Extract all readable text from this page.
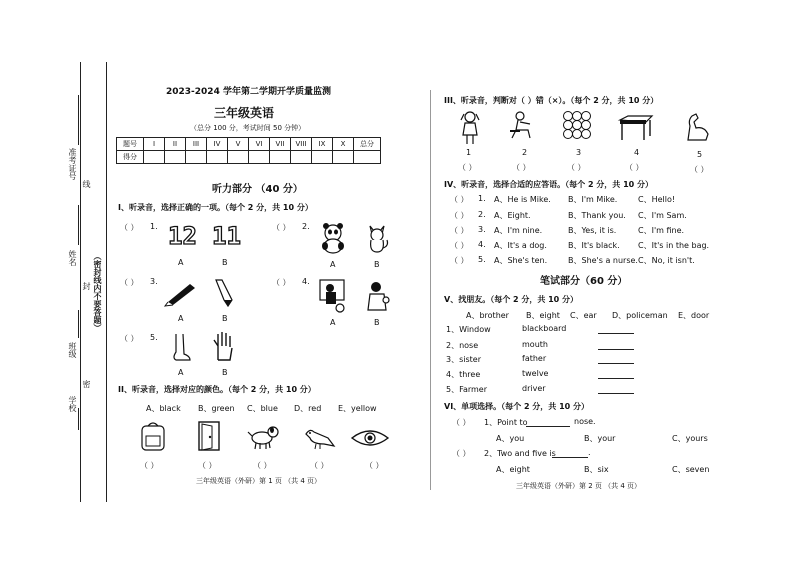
准考证号
姓名
班级
学校
线
封
密
（密封线内不要答题）
2023-2024 学年第二学期开学质量监测
三年级英语
（总分 100 分，考试时间 50 分钟）
题号	I	II	III	IV	V	VI	VII	VIII	IX	X	总分
得分											
听力部分 （40 分）
I、听录音，选择正确的一项。（每个 2 分，共 10 分）
（ ） 1. 12 11
A	B
（ ） 2.
A	B
（ ） 3.
A	B
（ ） 4.
A	B
（ ） 5.
A	B
II、听录音，选择对应的颜色。（每个 2 分，共 10 分）
A、black B、green C、blue D、red E、yellow
（ ）	（ ）	（ ）	（ ）	（ ）
三年级英语（外研）第 1 页 （共 4 页）
III、听录音，判断对（ ）错（×）。（每个 2 分，共 10 分）
1	2	3	4	5
（ ）	（ ）	（ ）	（ ）	（ ）
IV、听录音，选择合适的应答语。（每个 2 分，共 10 分）
（ ） 1. A、He is Mike. B、I'm Mike.	C、Hello!
（ ） 2. A、Eight.	B、Thank you. C、I'm Sam.
（ ） 3. A、I'm nine.	B、Yes, it is.	C、I'm fine.
（ ） 4. A、It's a dog.	B、It's black. C、It's in the bag.
（ ） 5. A、She's ten.	B、She's a nurse. C、No, it isn't.
笔试部分（60 分）
V、找朋友。（每个 2 分，共 10 分）
A、brother B、eight C、ear D、policeman E、door
1、Window	blackboard
2、nose	mouth
3、sister	father
4、three	twelve
5、Farmer	driver
VI、单项选择。（每个 2 分，共 10 分）
（ ） 1、Point to	nose.
A、you	B、your	C、yours
（ ） 2、Two and five is	.
A、eight	B、six	C、seven
三年级英语（外研）第 2 页 （共 4 页）
